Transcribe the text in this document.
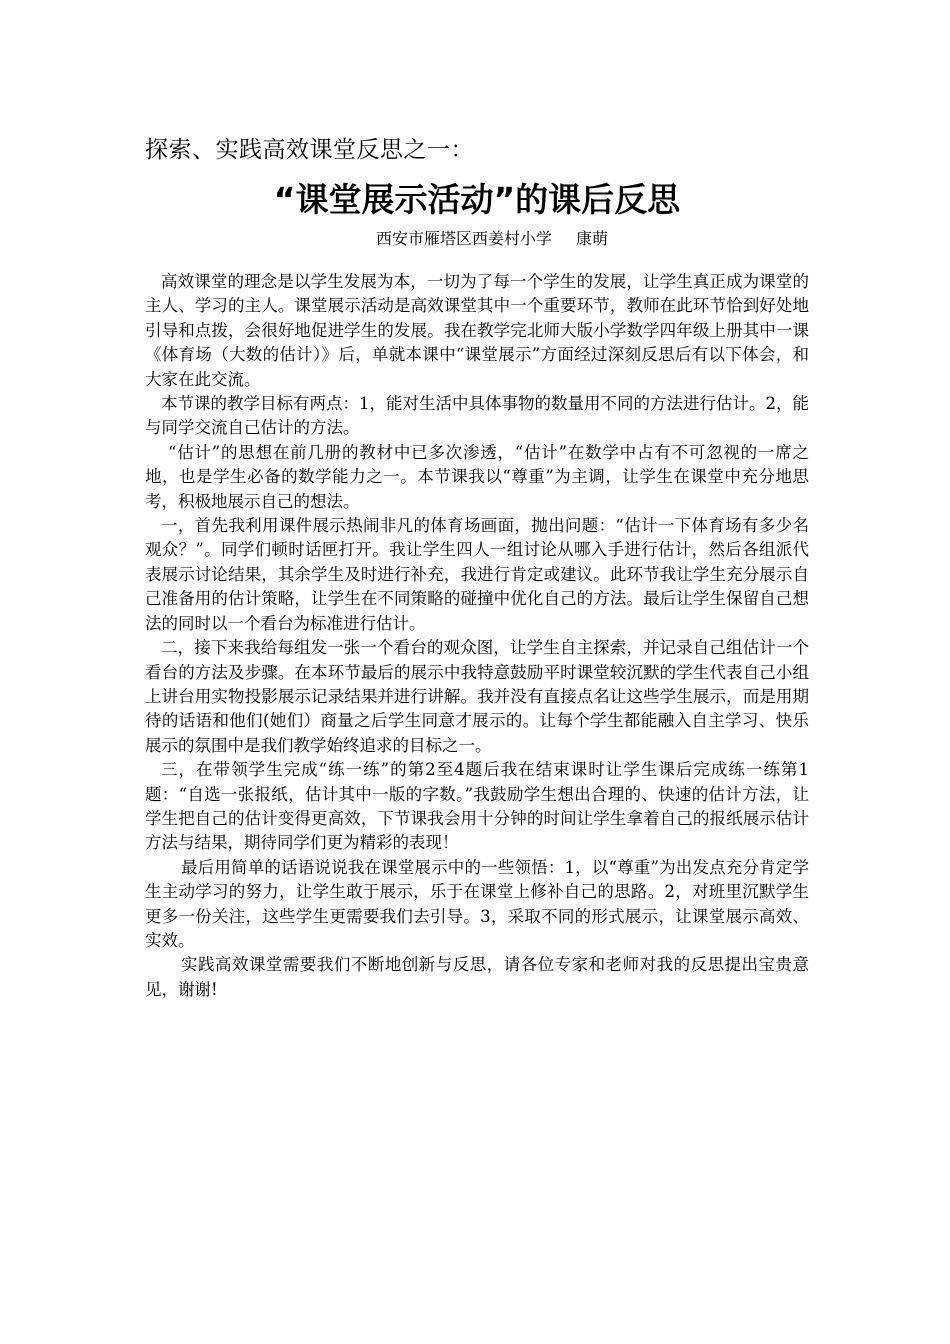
探索、实践高效课堂反思之一：

“课堂展示活动”的课后反思

西安市雁塔区西姜村小学 康萌

高效课堂的理念是以学生发展为本，一切为了每一个学生的发展，让学生真正成为课堂的主人、学习的主人。课堂展示活动是高效课堂其中一个重要环节，教师在此环节恰到好处地引导和点拨，会很好地促进学生的发展。我在教学完北师大版小学数学四年级上册其中一课《体育场（大数的估计）》后，单就本课中“课堂展示”方面经过深刻反思后有以下体会，和大家在此交流。

本节课的教学目标有两点：1，能对生活中具体事物的数量用不同的方法进行估计。2，能与同学交流自己估计的方法。

“估计”的思想在前几册的教材中已多次渗透，“估计”在数学中占有不可忽视的一席之地，也是学生必备的数学能力之一。本节课我以“尊重”为主调，让学生在课堂中充分地思考，积极地展示自己的想法。

一，首先我利用课件展示热闹非凡的体育场画面，抛出问题：“估计一下体育场有多少名观众？”。同学们顿时话匣打开。我让学生四人一组讨论从哪入手进行估计，然后各组派代表展示讨论结果，其余学生及时进行补充，我进行肯定或建议。此环节我让学生充分展示自己准备用的估计策略，让学生在不同策略的碰撞中优化自己的方法。最后让学生保留自己想法的同时以一个看台为标准进行估计。

二，接下来我给每组发一张一个看台的观众图，让学生自主探索，并记录自己组估计一个看台的方法及步骤。在本环节最后的展示中我特意鼓励平时课堂较沉默的学生代表自己小组上讲台用实物投影展示记录结果并进行讲解。我并没有直接点名让这些学生展示，而是用期待的话语和他们(她们）商量之后学生同意才展示的。让每个学生都能融入自主学习、快乐展示的氛围中是我们教学始终追求的目标之一。

三，在带领学生完成“练一练”的第2至4题后我在结束课时让学生课后完成练一练第1题：“自选一张报纸，估计其中一版的字数。”我鼓励学生想出合理的、快速的估计方法，让学生把自己的估计变得更高效，下节课我会用十分钟的时间让学生拿着自己的报纸展示估计方法与结果，期待同学们更为精彩的表现！

最后用简单的话语说说我在课堂展示中的一些领悟：1，以“尊重”为出发点充分肯定学生主动学习的努力，让学生敢于展示，乐于在课堂上修补自己的思路。2，对班里沉默学生更多一份关注，这些学生更需要我们去引导。3，采取不同的形式展示，让课堂展示高效、实效。

实践高效课堂需要我们不断地创新与反思，请各位专家和老师对我的反思提出宝贵意见，谢谢!
